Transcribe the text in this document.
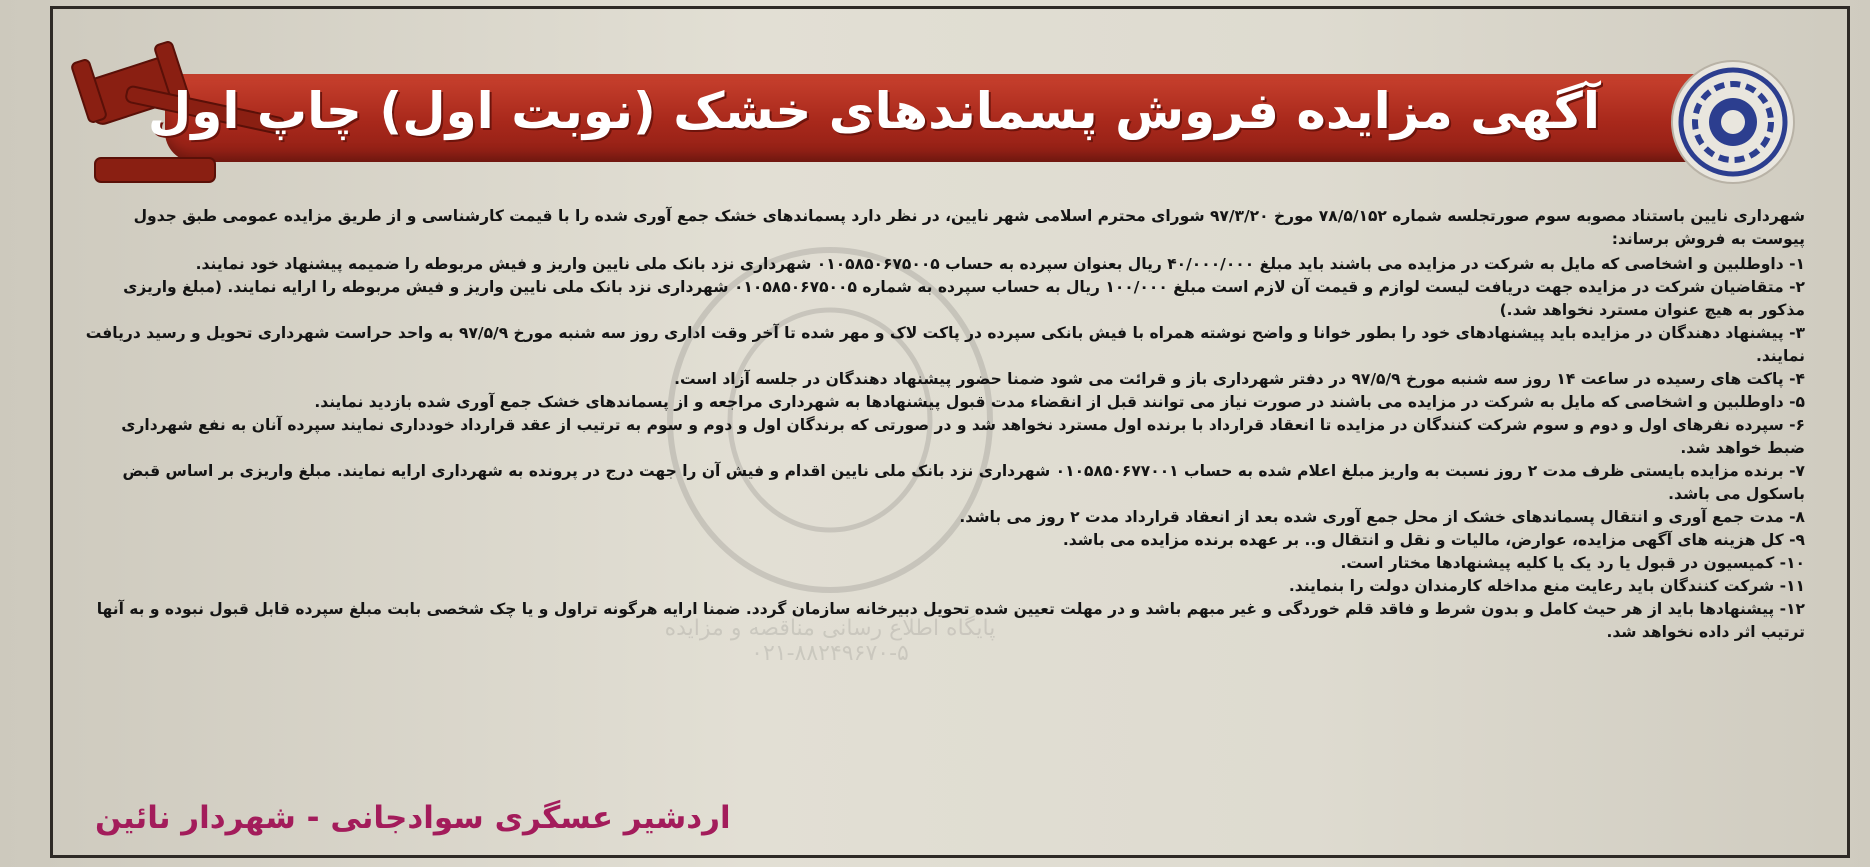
آگهی مزایده فروش پسماندهای خشک (نوبت اول) چاپ اول
پایگاه اطلاع رسانی مناقصه و مزایده
۰۲۱-۸۸۲۴۹۶۷۰-۵

شهرداری نایین باستناد مصوبه سوم صورتجلسه شماره ۷۸/۵/۱۵۲ مورخ ۹۷/۳/۲۰ شورای محترم اسلامی شهر نایین، در نظر دارد پسماندهای خشک جمع آوری شده را با قیمت کارشناسی و از طریق مزایده عمومی طبق جدول پیوست به فروش برساند:

۱- داوطلبین و اشخاصی که مایل به شرکت در مزایده می باشند باید مبلغ ۴۰/۰۰۰/۰۰۰ ریال بعنوان سپرده به حساب ۰۱۰۵۸۵۰۶۷۵۰۰۵ شهرداری نزد بانک ملی نایین واریز و فیش مربوطه را ضمیمه پیشنهاد خود نمایند.

۲- متقاضیان شرکت در مزایده جهت دریافت لیست لوازم و قیمت آن لازم است مبلغ ۱۰۰/۰۰۰ ریال به حساب سپرده به شماره ۰۱۰۵۸۵۰۶۷۵۰۰۵ شهرداری نزد بانک ملی نایین واریز و فیش مربوطه را ارایه نمایند. (مبلغ واریزی مذکور به هیچ عنوان مسترد نخواهد شد.)

۳- پیشنهاد دهندگان در مزایده باید پیشنهادهای خود را بطور خوانا و واضح نوشته همراه با فیش بانکی سپرده در پاکت لاک و مهر شده تا آخر وقت اداری روز سه شنبه مورخ ۹۷/۵/۹ به واحد حراست شهرداری تحویل و رسید دریافت نمایند.

۴- پاکت های رسیده در ساعت ۱۴ روز سه شنبه مورخ ۹۷/۵/۹ در دفتر شهرداری باز و قرائت می شود ضمنا حضور پیشنهاد دهندگان در جلسه آزاد است.

۵- داوطلبین و اشخاصی که مایل به شرکت در مزایده می باشند در صورت نیاز می توانند قبل از انقضاء مدت قبول پیشنهادها به شهرداری مراجعه و از پسماندهای خشک جمع آوری شده بازدید نمایند.

۶- سپرده نفرهای اول و دوم و سوم شرکت کنندگان در مزایده تا انعقاد قرارداد با برنده اول مسترد نخواهد شد و در صورتی که برندگان اول و دوم و سوم به ترتیب از عقد قرارداد خودداری نمایند سپرده آنان به نفع شهرداری ضبط خواهد شد.

۷- برنده مزایده بایستی ظرف مدت ۲ روز نسبت به واریز مبلغ اعلام شده به حساب ۰۱۰۵۸۵۰۶۷۷۰۰۱ شهرداری نزد بانک ملی نایین اقدام و فیش آن را جهت درج در پرونده به شهرداری ارایه نمایند. مبلغ واریزی بر اساس قبض باسکول می باشد.

۸- مدت جمع آوری و انتقال پسماندهای خشک از محل جمع آوری شده بعد از انعقاد قرارداد مدت ۲ روز می باشد.

۹- کل هزینه های آگهی مزایده، عوارض، مالیات و نقل و انتقال و.. بر عهده برنده مزایده می باشد.

۱۰- کمیسیون در قبول یا رد یک یا کلیه پیشنهادها مختار است.

۱۱- شرکت کنندگان باید رعایت منع مداخله کارمندان دولت را بنمایند.

۱۲- پیشنهادها باید از هر حیث کامل و بدون شرط و فاقد قلم خوردگی و غیر مبهم باشد و در مهلت تعیین شده تحویل دبیرخانه سازمان گردد. ضمنا ارایه هرگونه تراول و یا چک شخصی بابت مبلغ سپرده قابل قبول نبوده و به آنها ترتیب اثر داده نخواهد شد.

اردشیر عسگری سوادجانی - شهردار نائین
